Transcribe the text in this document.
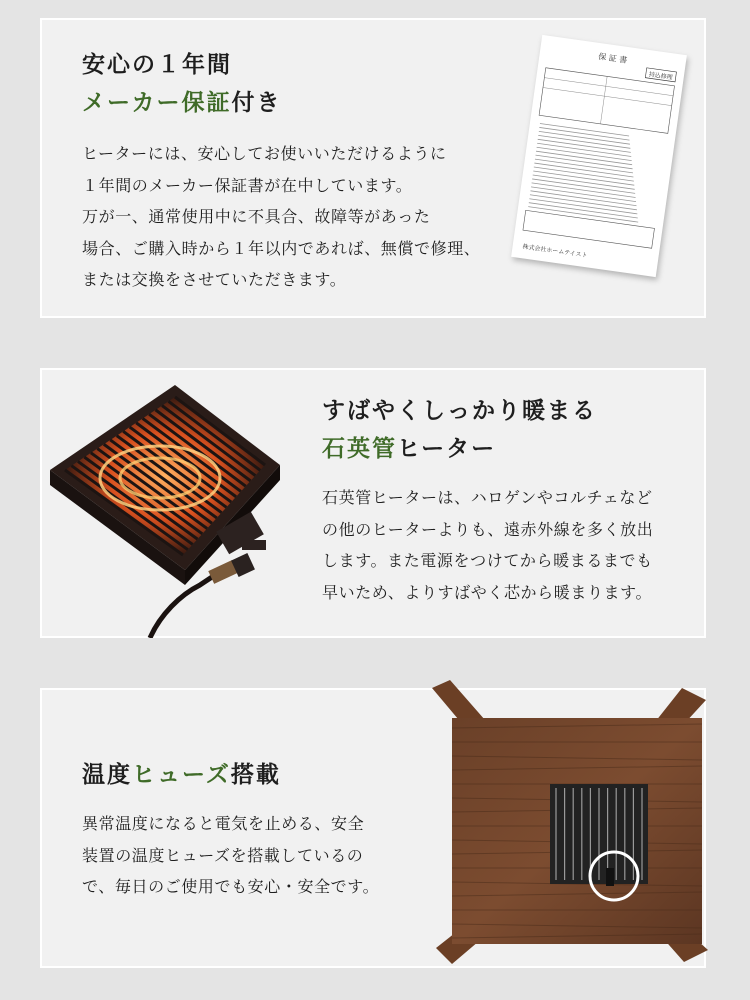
安心の１年間
メーカー保証付き
ヒーターには、安心してお使いいただけるように
１年間のメーカー保証書が在中しています。
万が一、通常使用中に不具合、故障等があった
場合、ご購入時から１年以内であれば、無償で修理、
または交換をさせていただきます。
保 証 書
持込修理
株式会社ホームテイスト
すばやくしっかり暖まる
石英管ヒーター
石英管ヒーターは、ハロゲンやコルチェなど
の他のヒーターよりも、遠赤外線を多く放出
します。また電源をつけてから暖まるまでも
早いため、よりすばやく芯から暖まります。
温度ヒューズ搭載
異常温度になると電気を止める、安全
装置の温度ヒューズを搭載しているの
で、毎日のご使用でも安心・安全です。
